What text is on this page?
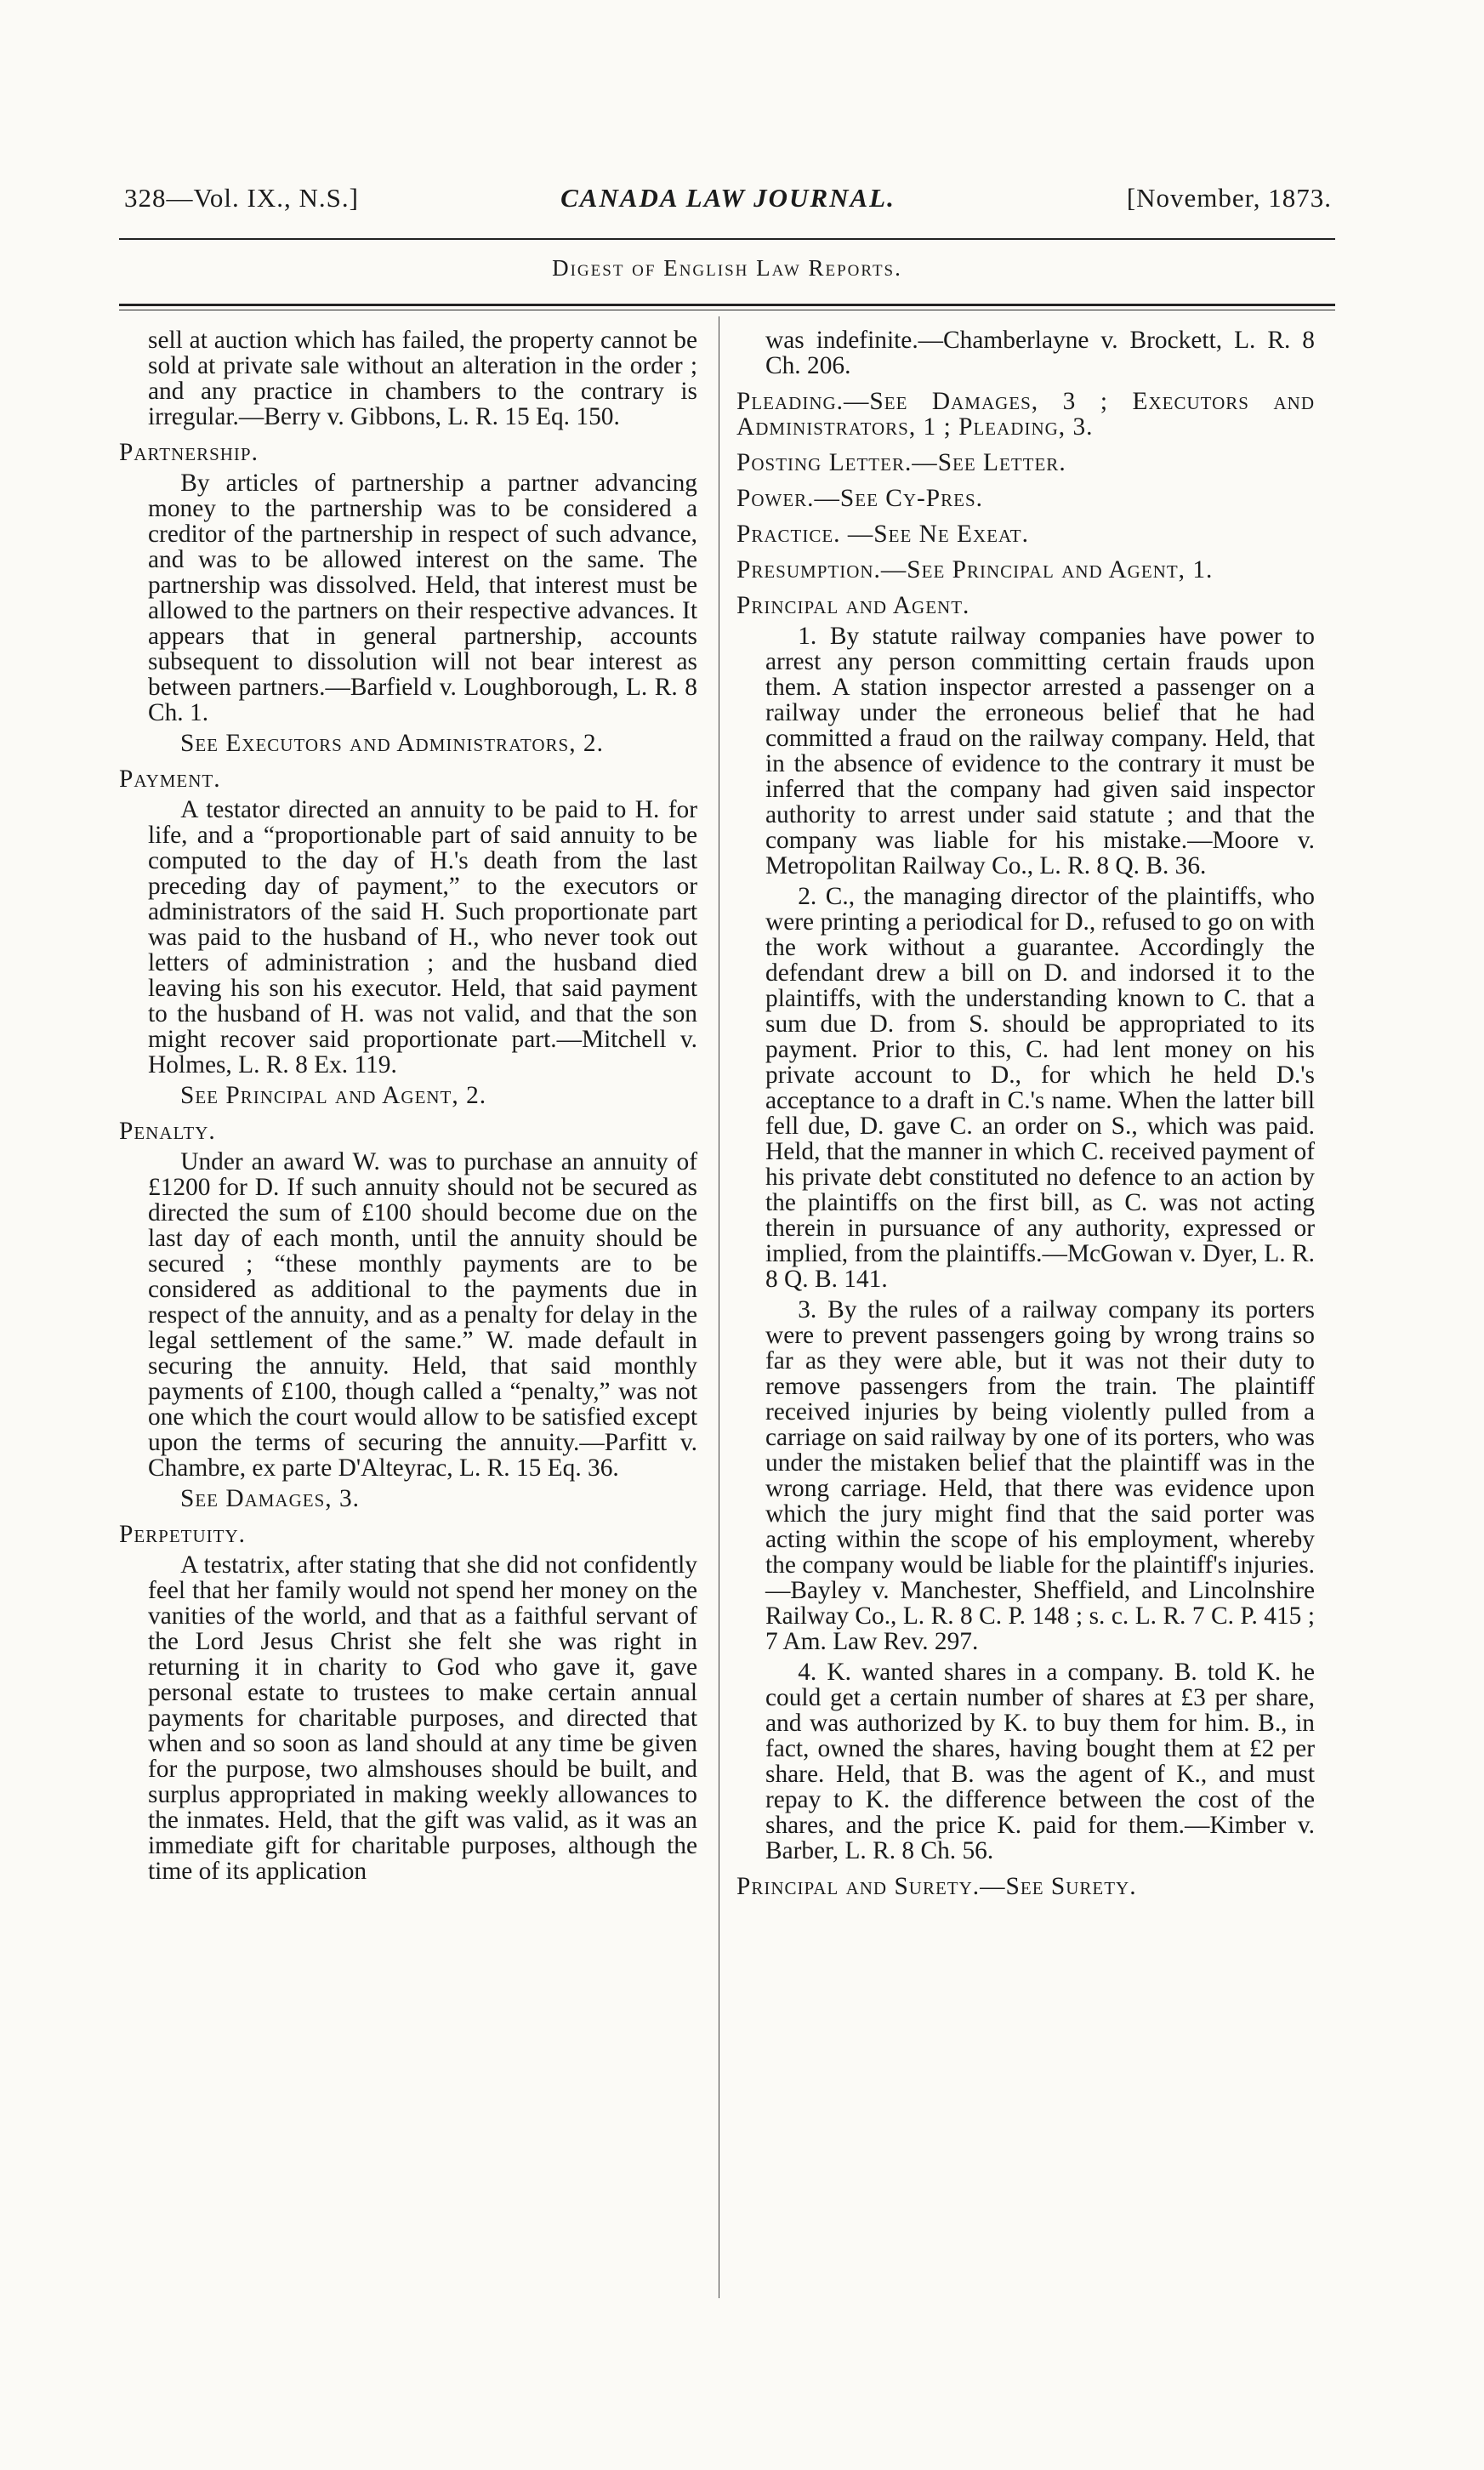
328—Vol. IX., N.S.]	CANADA LAW JOURNAL.	[November, 1873.
Digest of English Law Reports.

sell at auction which has failed, the property cannot be sold at private sale without an alteration in the order ; and any practice in chambers to the contrary is irregular.—Berry v. Gibbons, L. R. 15 Eq. 150.

Partnership.

By articles of partnership a partner advancing money to the partnership was to be considered a creditor of the partnership in respect of such advance, and was to be allowed interest on the same. The partnership was dissolved. Held, that interest must be allowed to the partners on their respective advances. It appears that in general partnership, accounts subsequent to dissolution will not bear interest as between partners.—Barfield v. Loughborough, L. R. 8 Ch. 1.

See Executors and Administrators, 2.

Payment.

A testator directed an annuity to be paid to H. for life, and a “proportionable part of said annuity to be computed to the day of H.'s death from the last preceding day of payment,” to the executors or administrators of the said H. Such proportionate part was paid to the husband of H., who never took out letters of administration ; and the husband died leaving his son his executor. Held, that said payment to the husband of H. was not valid, and that the son might recover said proportionate part.—Mitchell v. Holmes, L. R. 8 Ex. 119.

See Principal and Agent, 2.

Penalty.

Under an award W. was to purchase an annuity of £1200 for D. If such annuity should not be secured as directed the sum of £100 should become due on the last day of each month, until the annuity should be secured ; “these monthly payments are to be considered as additional to the payments due in respect of the annuity, and as a penalty for delay in the legal settlement of the same.” W. made default in securing the annuity. Held, that said monthly payments of £100, though called a “penalty,” was not one which the court would allow to be satisfied except upon the terms of securing the annuity.—Parfitt v. Chambre, ex parte D'Alteyrac, L. R. 15 Eq. 36.

See Damages, 3.

Perpetuity.

A testatrix, after stating that she did not confidently feel that her family would not spend her money on the vanities of the world, and that as a faithful servant of the Lord Jesus Christ she felt she was right in returning it in charity to God who gave it, gave personal estate to trustees to make certain annual payments for charitable purposes, and directed that when and so soon as land should at any time be given for the purpose, two almshouses should be built, and surplus appropriated in making weekly allowances to the inmates. Held, that the gift was valid, as it was an immediate gift for charitable purposes, although the time of its application

was indefinite.—Chamberlayne v. Brockett, L. R. 8 Ch. 206.

Pleading.—See Damages, 3 ; Executors and Administrators, 1 ; Pleading, 3.

Posting Letter.—See Letter.

Power.—See Cy-Pres.

Practice. —See Ne Exeat.

Presumption.—See Principal and Agent, 1.

Principal and Agent.

1. By statute railway companies have power to arrest any person committing certain frauds upon them. A station inspector arrested a passenger on a railway under the erroneous belief that he had committed a fraud on the railway company. Held, that in the absence of evidence to the contrary it must be inferred that the company had given said inspector authority to arrest under said statute ; and that the company was liable for his mistake.—Moore v. Metropolitan Railway Co., L. R. 8 Q. B. 36.

2. C., the managing director of the plaintiffs, who were printing a periodical for D., refused to go on with the work without a guarantee. Accordingly the defendant drew a bill on D. and indorsed it to the plaintiffs, with the understanding known to C. that a sum due D. from S. should be appropriated to its payment. Prior to this, C. had lent money on his private account to D., for which he held D.'s acceptance to a draft in C.'s name. When the latter bill fell due, D. gave C. an order on S., which was paid. Held, that the manner in which C. received payment of his private debt constituted no defence to an action by the plaintiffs on the first bill, as C. was not acting therein in pursuance of any authority, expressed or implied, from the plaintiffs.—McGowan v. Dyer, L. R. 8 Q. B. 141.

3. By the rules of a railway company its porters were to prevent passengers going by wrong trains so far as they were able, but it was not their duty to remove passengers from the train. The plaintiff received injuries by being violently pulled from a carriage on said railway by one of its porters, who was under the mistaken belief that the plaintiff was in the wrong carriage. Held, that there was evidence upon which the jury might find that the said porter was acting within the scope of his employment, whereby the company would be liable for the plaintiff's injuries.—Bayley v. Manchester, Sheffield, and Lincolnshire Railway Co., L. R. 8 C. P. 148 ; s. c. L. R. 7 C. P. 415 ; 7 Am. Law Rev. 297.

4. K. wanted shares in a company. B. told K. he could get a certain number of shares at £3 per share, and was authorized by K. to buy them for him. B., in fact, owned the shares, having bought them at £2 per share. Held, that B. was the agent of K., and must repay to K. the difference between the cost of the shares, and the price K. paid for them.—Kimber v. Barber, L. R. 8 Ch. 56.

Principal and Surety.—See Surety.
